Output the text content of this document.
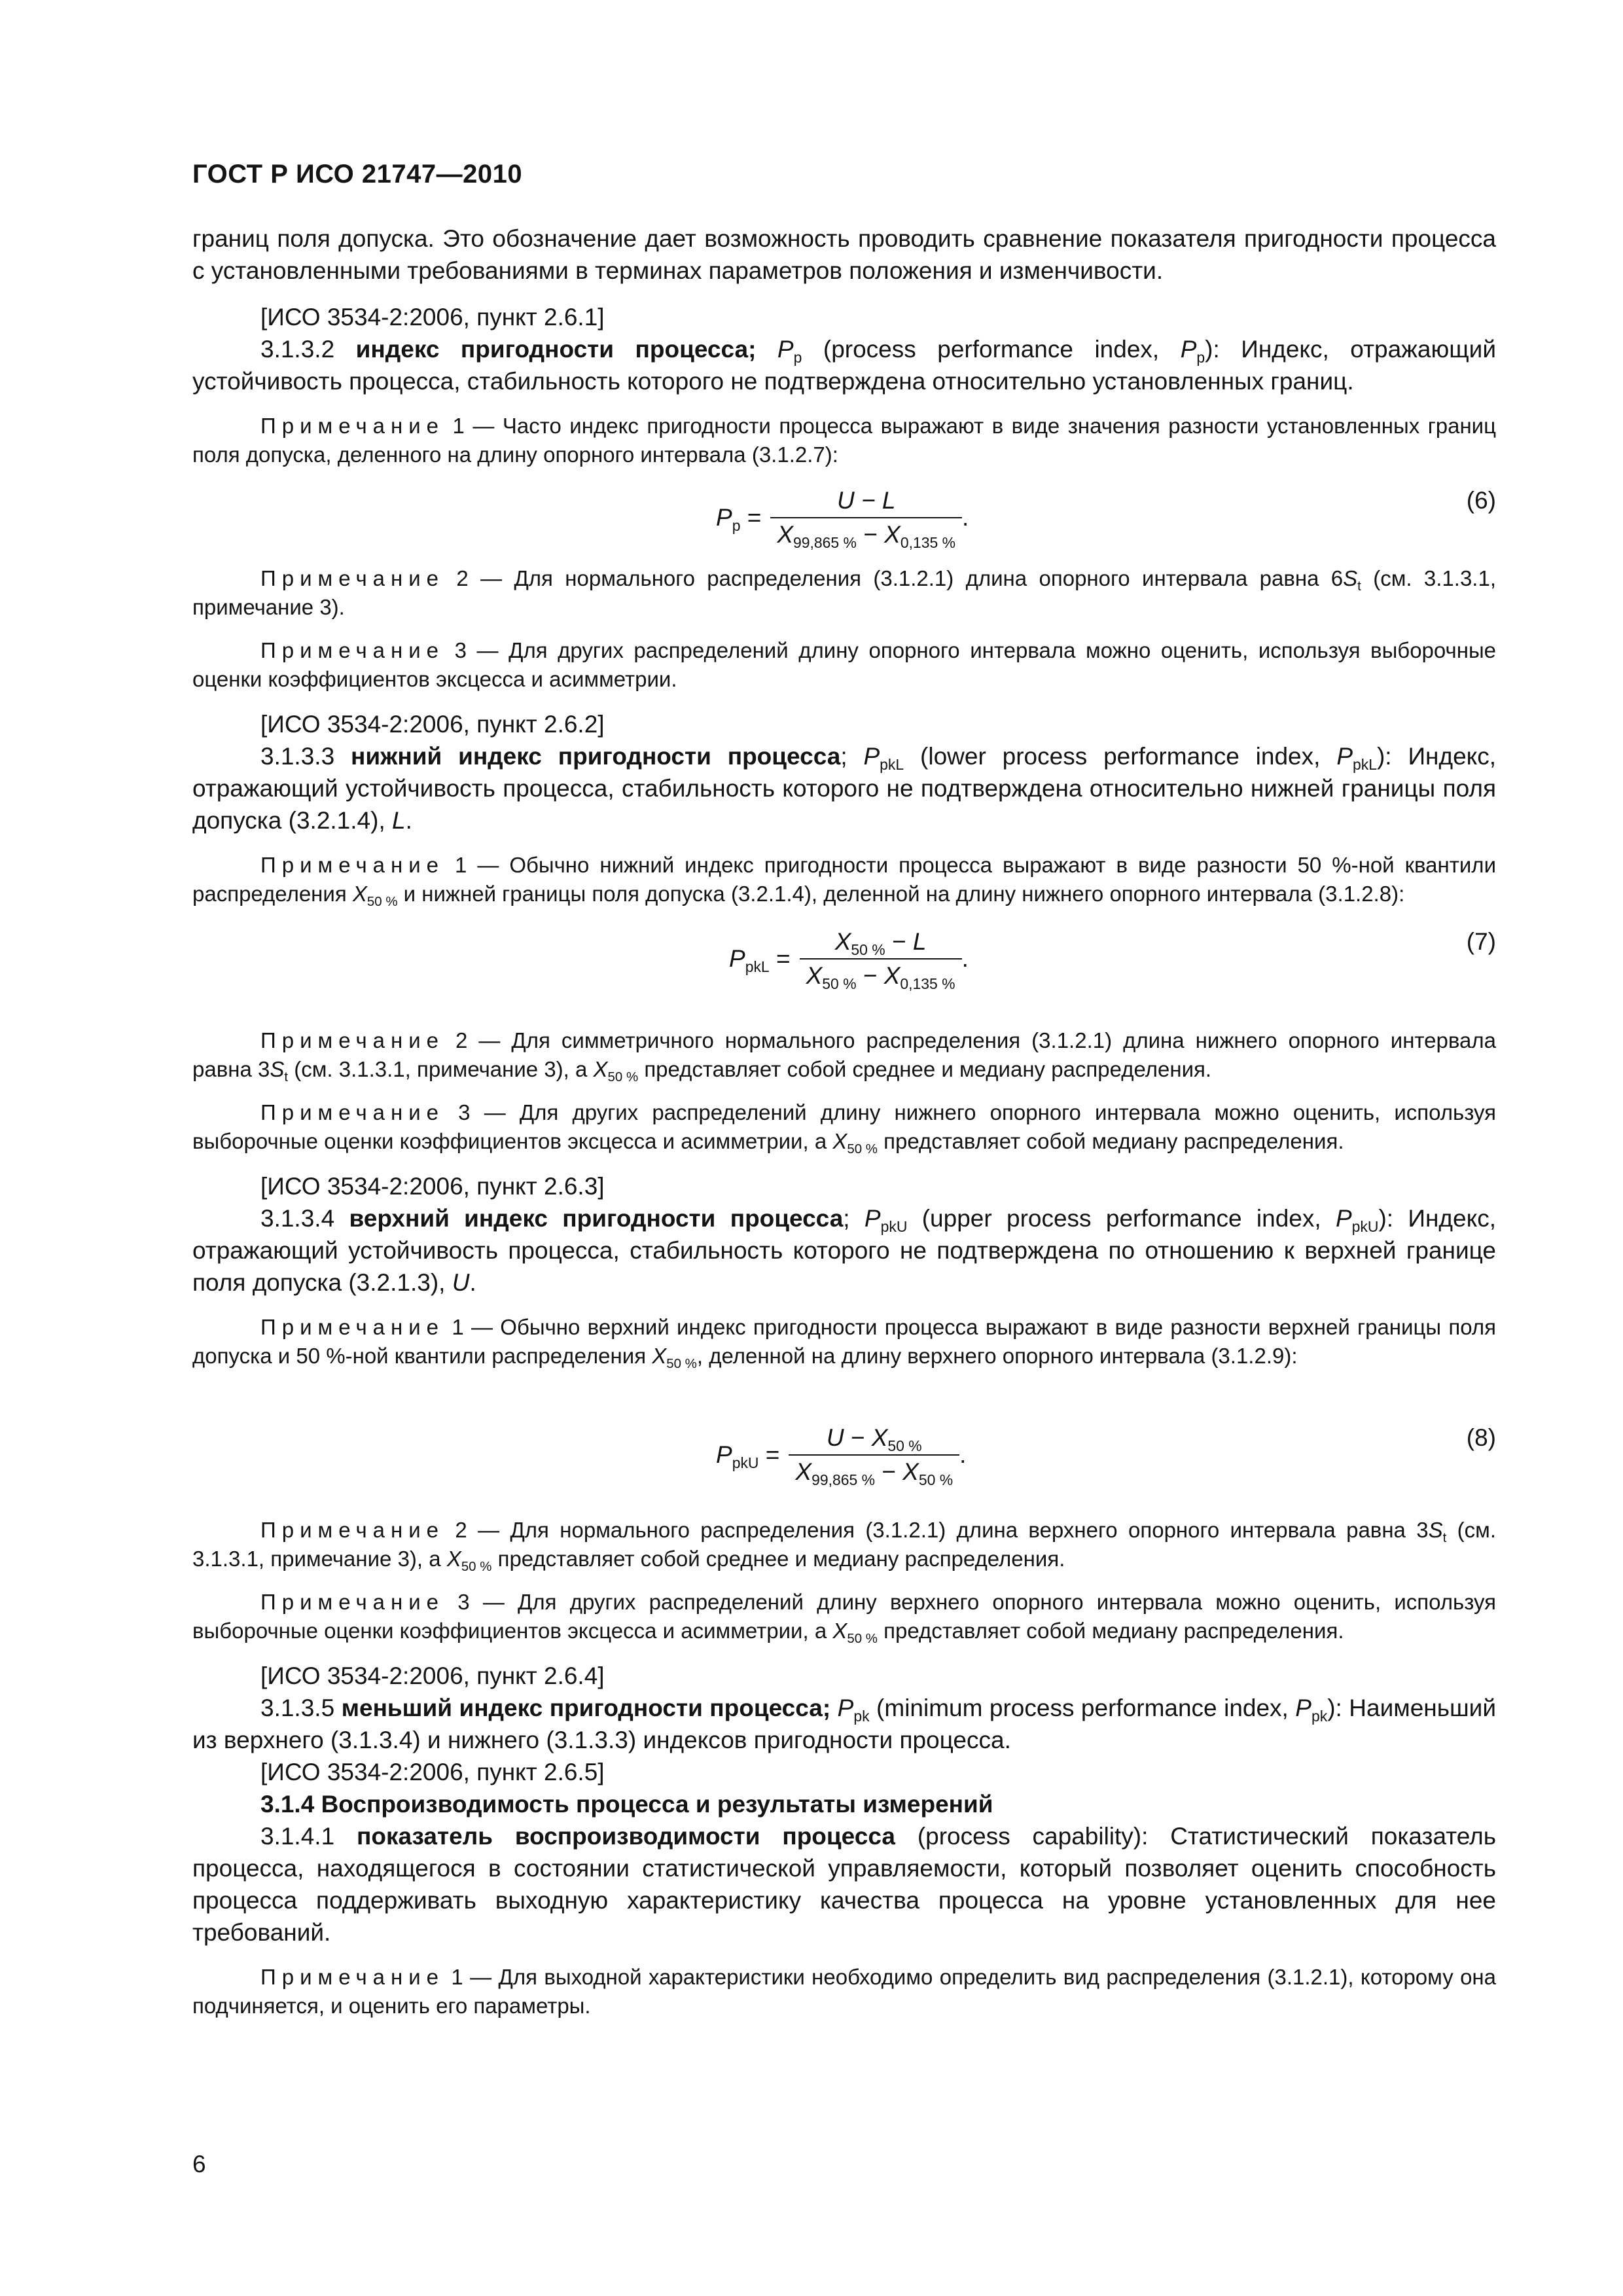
ГОСТ Р ИСО 21747—2010

границ поля допуска. Это обозначение дает возможность проводить сравнение показателя пригодности процесса с установленными требованиями в терминах параметров положения и изменчивости.

[ИСО 3534-2:2006, пункт 2.6.1]

3.1.3.2 индекс пригодности процесса; $P_p$ (process performance index, $P_p$): Индекс, отражающий устойчивость процесса, стабильность которого не подтверждена относительно установленных границ.

Примечание 1 — Часто индекс пригодности процесса выражают в виде значения разности установленных границ поля допуска, деленного на длину опорного интервала (3.1.2.7):

$P_p = \frac{U - L}{X_{99,865 \%} - X_{0,135 \%}}$ .
(6)

Примечание 2 — Для нормального распределения (3.1.2.1) длина опорного интервала равна $6S_t$ (см. 3.1.3.1, примечание 3).

Примечание 3 — Для других распределений длину опорного интервала можно оценить, используя выборочные оценки коэффициентов эксцесса и асимметрии.

[ИСО 3534-2:2006, пункт 2.6.2]

3.1.3.3 нижний индекс пригодности процесса; $P_{pkL}$ (lower process performance index, $P_{pkL}$): Индекс, отражающий устойчивость процесса, стабильность которого не подтверждена относительно нижней границы поля допуска (3.2.1.4), L.

Примечание 1 — Обычно нижний индекс пригодности процесса выражают в виде разности 50 %-ной квантили распределения $X_{50 \%}$ и нижней границы поля допуска (3.2.1.4), деленной на длину нижнего опорного интервала (3.1.2.8):

$P_{pkL} = \frac{X_{50 \%} - L}{X_{50 \%} - X_{0,135 \%}}$ .
(7)

Примечание 2 — Для симметричного нормального распределения (3.1.2.1) длина нижнего опорного интервала равна $3S_t$ (см. 3.1.3.1, примечание 3), а $X_{50 \%}$ представляет собой среднее и медиану распределения.

Примечание 3 — Для других распределений длину нижнего опорного интервала можно оценить, используя выборочные оценки коэффициентов эксцесса и асимметрии, а $X_{50 \%}$ представляет собой медиану распределения.

[ИСО 3534-2:2006, пункт 2.6.3]

3.1.3.4 верхний индекс пригодности процесса; $P_{pkU}$ (upper process performance index, $P_{pkU}$): Индекс, отражающий устойчивость процесса, стабильность которого не подтверждена по отношению к верхней границе поля допуска (3.2.1.3), U.

Примечание 1 — Обычно верхний индекс пригодности процесса выражают в виде разности верхней границы поля допуска и 50 %-ной квантили распределения $X_{50 \%}$, деленной на длину верхнего опорного интервала (3.1.2.9):

$P_{pkU} = \frac{U - X_{50 \%}}{X_{99,865 \%} - X_{50 \%}}$ .
(8)

Примечание 2 — Для нормального распределения (3.1.2.1) длина верхнего опорного интервала равна $3S_t$ (см. 3.1.3.1, примечание 3), а $X_{50 \%}$ представляет собой среднее и медиану распределения.

Примечание 3 — Для других распределений длину верхнего опорного интервала можно оценить, используя выборочные оценки коэффициентов эксцесса и асимметрии, а $X_{50 \%}$ представляет собой медиану распределения.

[ИСО 3534-2:2006, пункт 2.6.4]

3.1.3.5 меньший индекс пригодности процесса; $P_{pk}$ (minimum process performance index, $P_{pk}$): Наименьший из верхнего (3.1.3.4) и нижнего (3.1.3.3) индексов пригодности процесса.

[ИСО 3534-2:2006, пункт 2.6.5]

3.1.4 Воспроизводимость процесса и результаты измерений

3.1.4.1 показатель воспроизводимости процесса (process capability): Статистический показатель процесса, находящегося в состоянии статистической управляемости, который позволяет оценить способность процесса поддерживать выходную характеристику качества процесса на уровне установленных для нее требований.

Примечание 1 — Для выходной характеристики необходимо определить вид распределения (3.1.2.1), которому она подчиняется, и оценить его параметры.

6
